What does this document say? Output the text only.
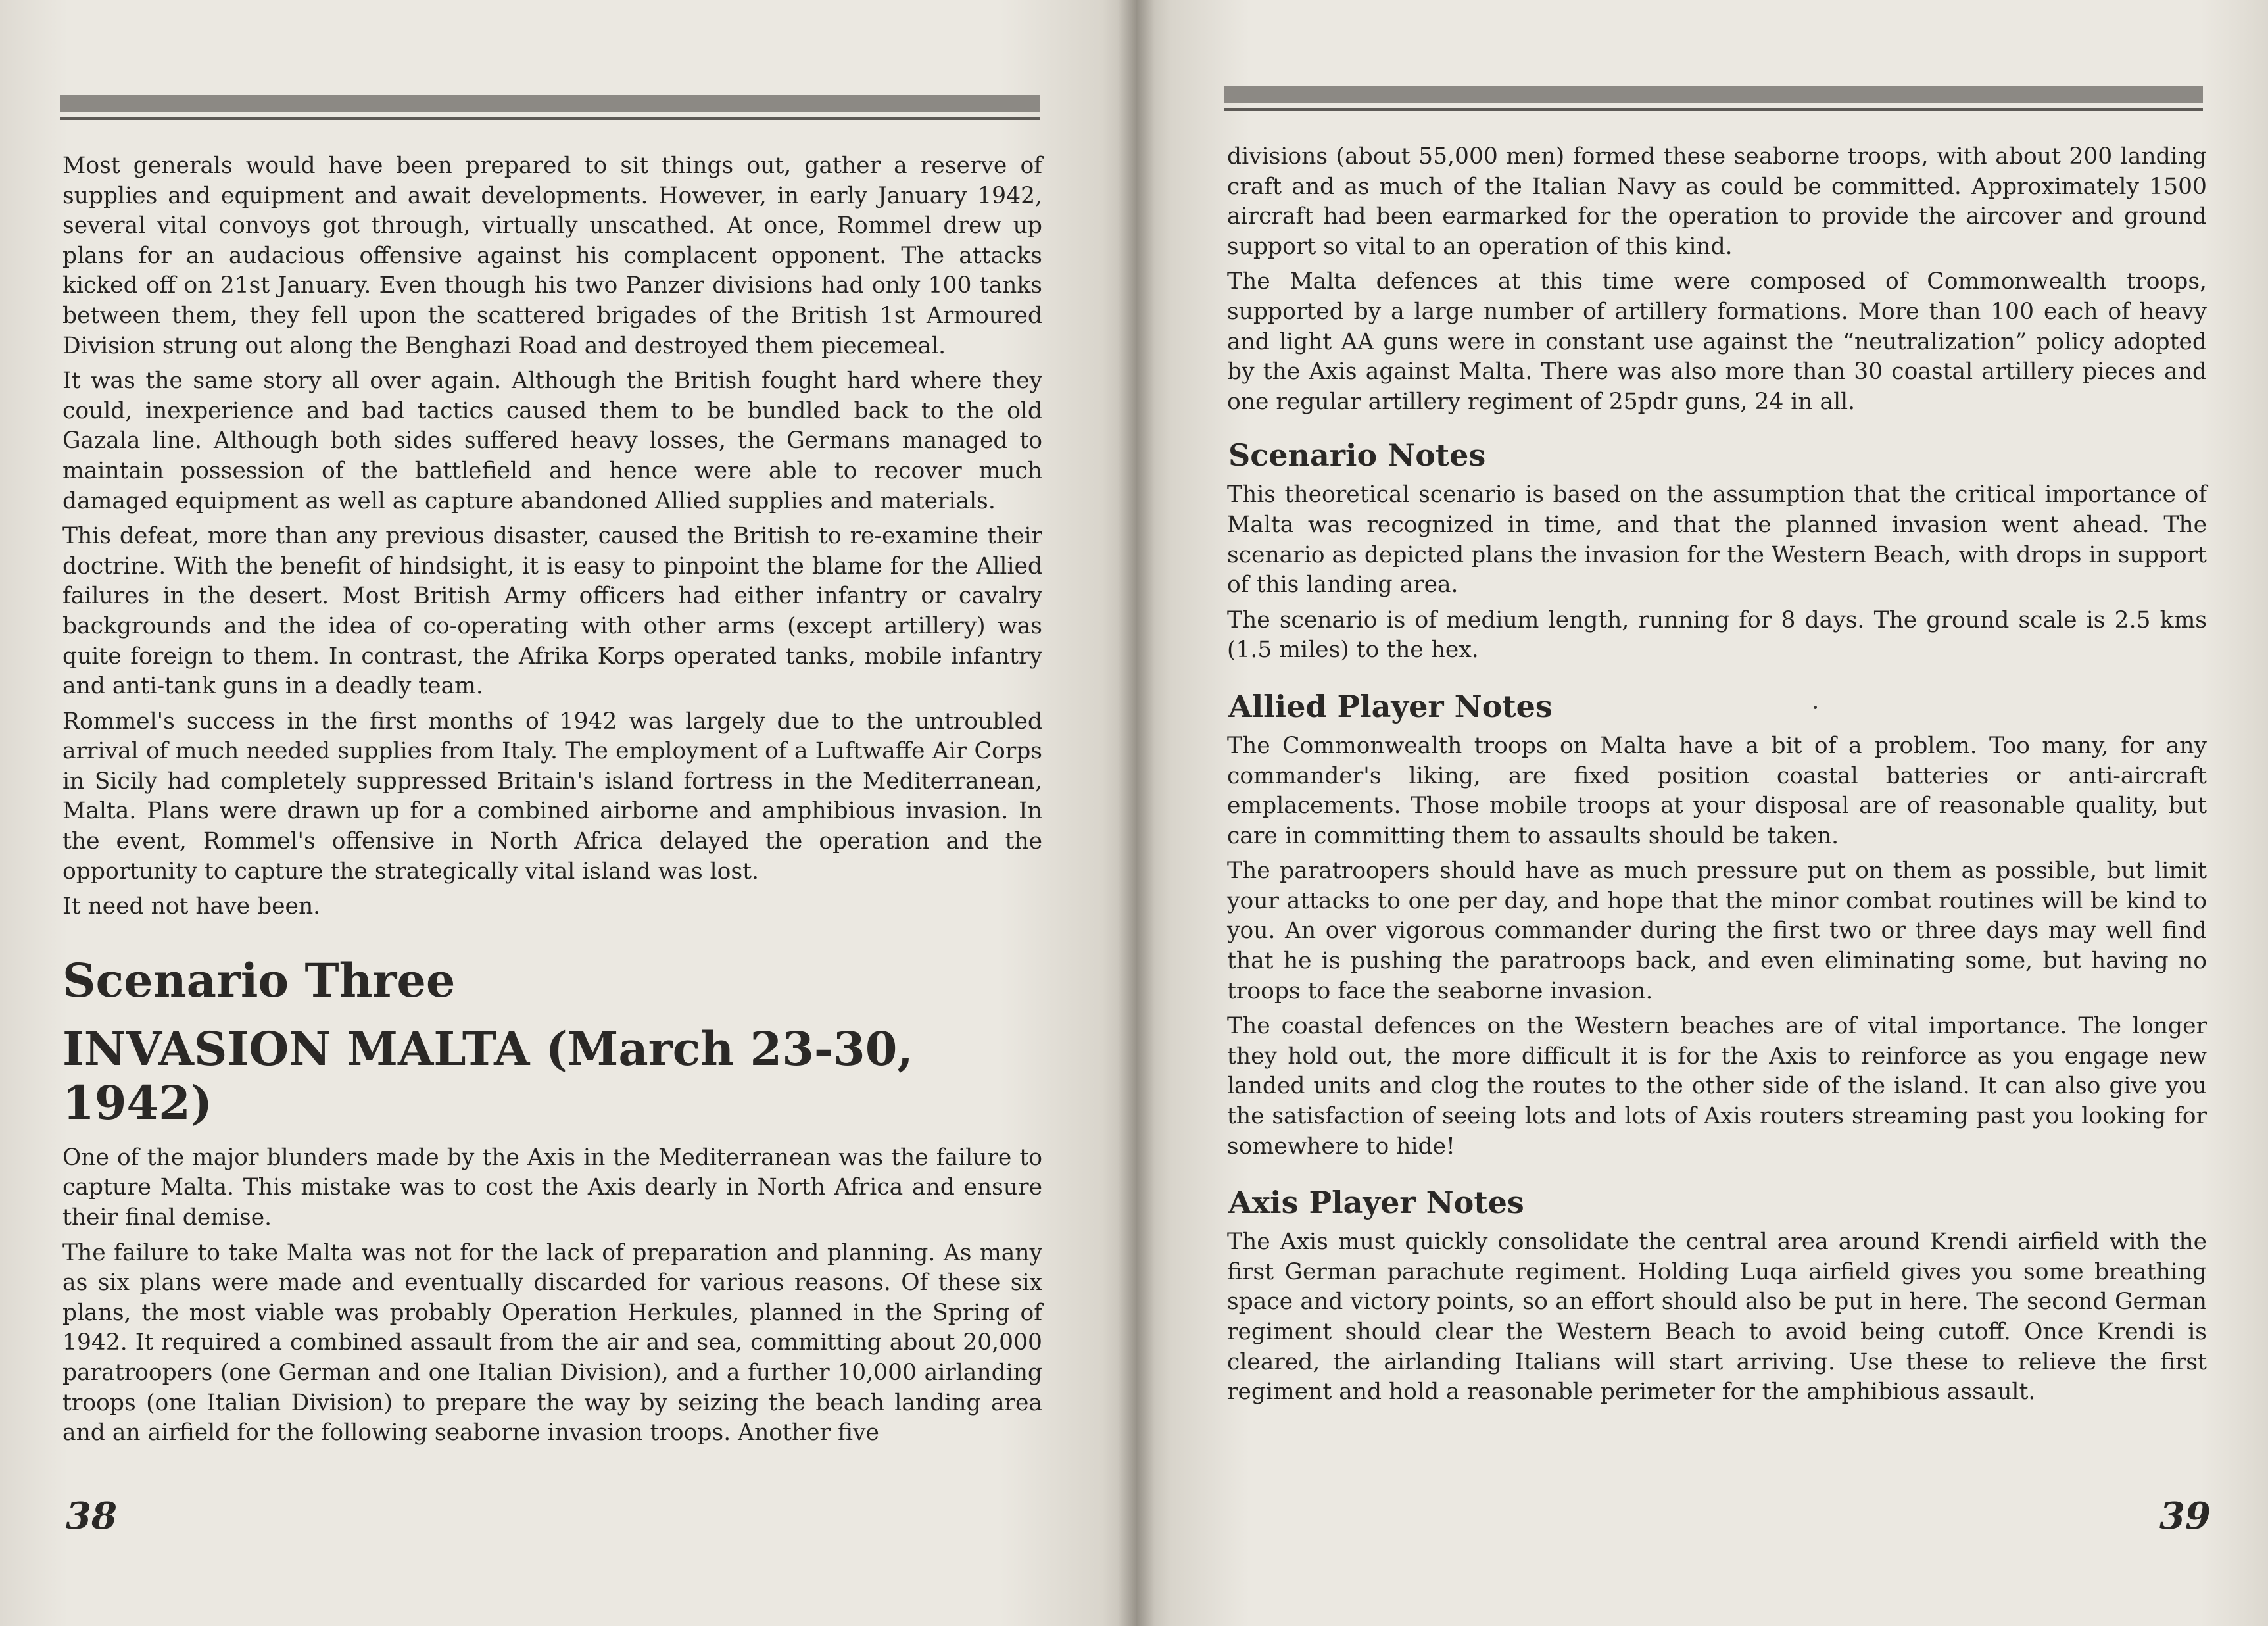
Most generals would have been prepared to sit things out, gather a reserve of supplies and equipment and await developments. However, in early January 1942, several vital convoys got through, virtually unscathed. At once, Rommel drew up plans for an audacious offensive against his complacent opponent. The attacks kicked off on 21st January. Even though his two Panzer divisions had only 100 tanks between them, they fell upon the scattered brigades of the British 1st Armoured Division strung out along the Benghazi Road and destroyed them piecemeal.

It was the same story all over again. Although the British fought hard where they could, inexperience and bad tactics caused them to be bundled back to the old Gazala line. Although both sides suffered heavy losses, the Germans managed to maintain possession of the battlefield and hence were able to recover much damaged equipment as well as capture abandoned Allied supplies and materials.

This defeat, more than any previous disaster, caused the British to re-examine their doctrine. With the benefit of hindsight, it is easy to pinpoint the blame for the Allied failures in the desert. Most British Army officers had either infantry or cavalry backgrounds and the idea of co-operating with other arms (except artillery) was quite foreign to them. In contrast, the Afrika Korps operated tanks, mobile infantry and anti-tank guns in a deadly team.

Rommel's success in the first months of 1942 was largely due to the untroubled arrival of much needed supplies from Italy. The employment of a Luftwaffe Air Corps in Sicily had completely suppressed Britain's island fortress in the Mediterranean, Malta. Plans were drawn up for a combined airborne and amphibious invasion. In the event, Rommel's offensive in North Africa delayed the operation and the opportunity to capture the strategically vital island was lost.

It need not have been.

Scenario Three
INVASION MALTA (March 23-30, 1942)

One of the major blunders made by the Axis in the Mediterranean was the failure to capture Malta. This mistake was to cost the Axis dearly in North Africa and ensure their final demise.

The failure to take Malta was not for the lack of preparation and planning. As many as six plans were made and eventually discarded for various reasons. Of these six plans, the most viable was probably Operation Herkules, planned in the Spring of 1942. It required a combined assault from the air and sea, committing about 20,000 paratroopers (one German and one Italian Division), and a further 10,000 airlanding troops (one Italian Division) to prepare the way by seizing the beach landing area and an airfield for the following seaborne invasion troops. Another five

38

divisions (about 55,000 men) formed these seaborne troops, with about 200 landing craft and as much of the Italian Navy as could be committed. Approximately 1500 aircraft had been earmarked for the operation to provide the aircover and ground support so vital to an operation of this kind.

The Malta defences at this time were composed of Commonwealth troops, supported by a large number of artillery formations. More than 100 each of heavy and light AA guns were in constant use against the “neutralization” policy adopted by the Axis against Malta. There was also more than 30 coastal artillery pieces and one regular artillery regiment of 25pdr guns, 24 in all.

Scenario Notes

This theoretical scenario is based on the assumption that the critical importance of Malta was recognized in time, and that the planned invasion went ahead. The scenario as depicted plans the invasion for the Western Beach, with drops in support of this landing area.

The scenario is of medium length, running for 8 days. The ground scale is 2.5 kms (1.5 miles) to the hex.

Allied Player Notes

The Commonwealth troops on Malta have a bit of a problem. Too many, for any commander's liking, are fixed position coastal batteries or anti-aircraft emplacements. Those mobile troops at your disposal are of reasonable quality, but care in committing them to assaults should be taken.

The paratroopers should have as much pressure put on them as possible, but limit your attacks to one per day, and hope that the minor combat routines will be kind to you. An over vigorous commander during the first two or three days may well find that he is pushing the paratroops back, and even eliminating some, but having no troops to face the seaborne invasion.

The coastal defences on the Western beaches are of vital importance. The longer they hold out, the more difficult it is for the Axis to reinforce as you engage new landed units and clog the routes to the other side of the island. It can also give you the satisfaction of seeing lots and lots of Axis routers streaming past you looking for somewhere to hide!

Axis Player Notes

The Axis must quickly consolidate the central area around Krendi airfield with the first German parachute regiment. Holding Luqa airfield gives you some breathing space and victory points, so an effort should also be put in here. The second German regiment should clear the Western Beach to avoid being cutoff. Once Krendi is cleared, the airlanding Italians will start arriving. Use these to relieve the first regiment and hold a reasonable perimeter for the amphibious assault.

39
